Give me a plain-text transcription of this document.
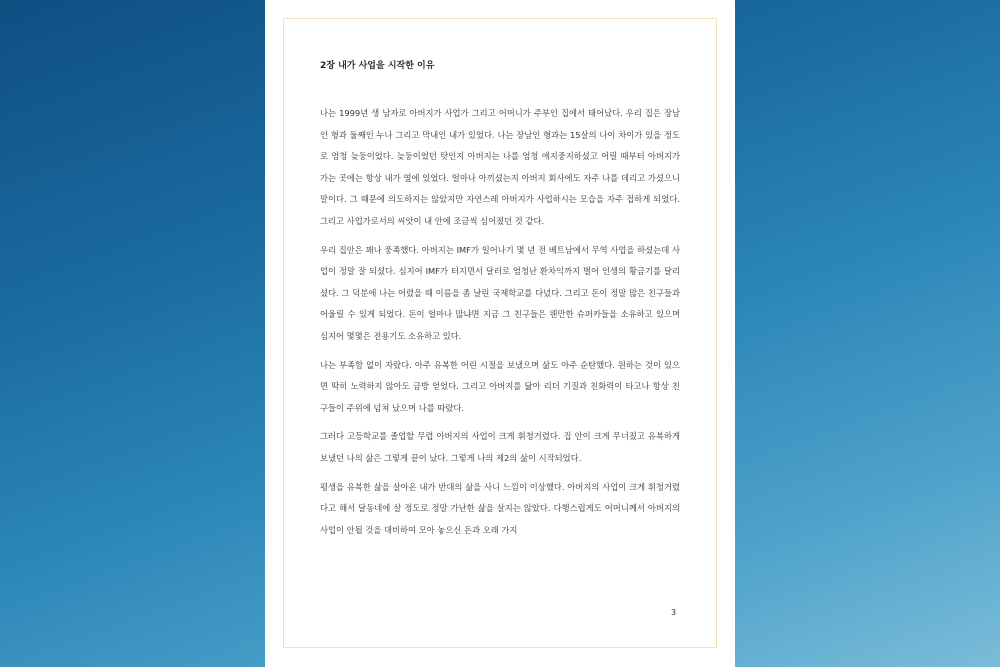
2장 내가 사업을 시작한 이유

나는 1999년 생 남자로 아버지가 사업가 그리고 어머니가 주부인 집에서 태어났다. 우리 집은 장남인 형과 둘째인 누나 그리고 막내인 내가 있었다. 나는 장남인 형과는 15살의 나이 차이가 있을 정도로 엄청 늦둥이었다. 늦둥이었던 탓인지 아버지는 나를 엄청 애지중지하셨고 어릴 때부터 아버지가 가는 곳에는 항상 내가 옆에 있었다. 얼마나 아끼셨는지 아버지 회사에도 자주 나를 데리고 가셨으니 말이다. 그 때문에 의도하지는 않았지만 자연스레 아버지가 사업하시는 모습을 자주 접하게 되었다. 그리고 사업가로서의 씨앗이 내 안에 조금씩 심어졌던 것 같다.

우리 집안은 꽤나 풍족했다. 아버지는 IMF가 일어나기 몇 년 전 베트남에서 무역 사업을 하셨는데 사업이 정말 잘 되셨다. 심지어 IMF가 터지면서 달러로 엄청난 환차익까지 벌어 인생의 황금기를 달리셨다. 그 덕분에 나는 어렸을 때 이름을 좀 날린 국제학교를 다녔다. 그리고 돈이 정말 많은 친구들과 어울릴 수 있게 되었다. 돈이 얼마나 많냐면 지금 그 친구들은 웬만한 슈퍼카들을 소유하고 있으며 심지어 몇몇은 전용기도 소유하고 있다.

나는 부족함 없이 자랐다. 아주 유복한 어린 시절을 보냈으며 삶도 아주 순탄했다. 원하는 것이 있으면 딱히 노력하지 않아도 금방 얻었다. 그리고 아버지를 닮아 리더 기질과 친화력이 타고나 항상 친구들이 주위에 넘쳐 났으며 나를 따랐다.

그러다 고등학교를 졸업할 무렵 아버지의 사업이 크게 휘청거렸다. 집 안이 크게 무너졌고 유복하게 보냈던 나의 삶은 그렇게 끝이 났다. 그렇게 나의 제2의 삶이 시작되었다.

평생을 유복한 삶을 살아온 내가 반대의 삶을 사니 느낌이 이상했다. 아버지의 사업이 크게 휘청거렸다고 해서 달동네에 살 정도로 정말 가난한 삶을 살지는 않았다. 다행스럽게도 어머니께서 아버지의 사업이 안될 것을 대비하여 모아 놓으신 돈과 오래 가지

3
